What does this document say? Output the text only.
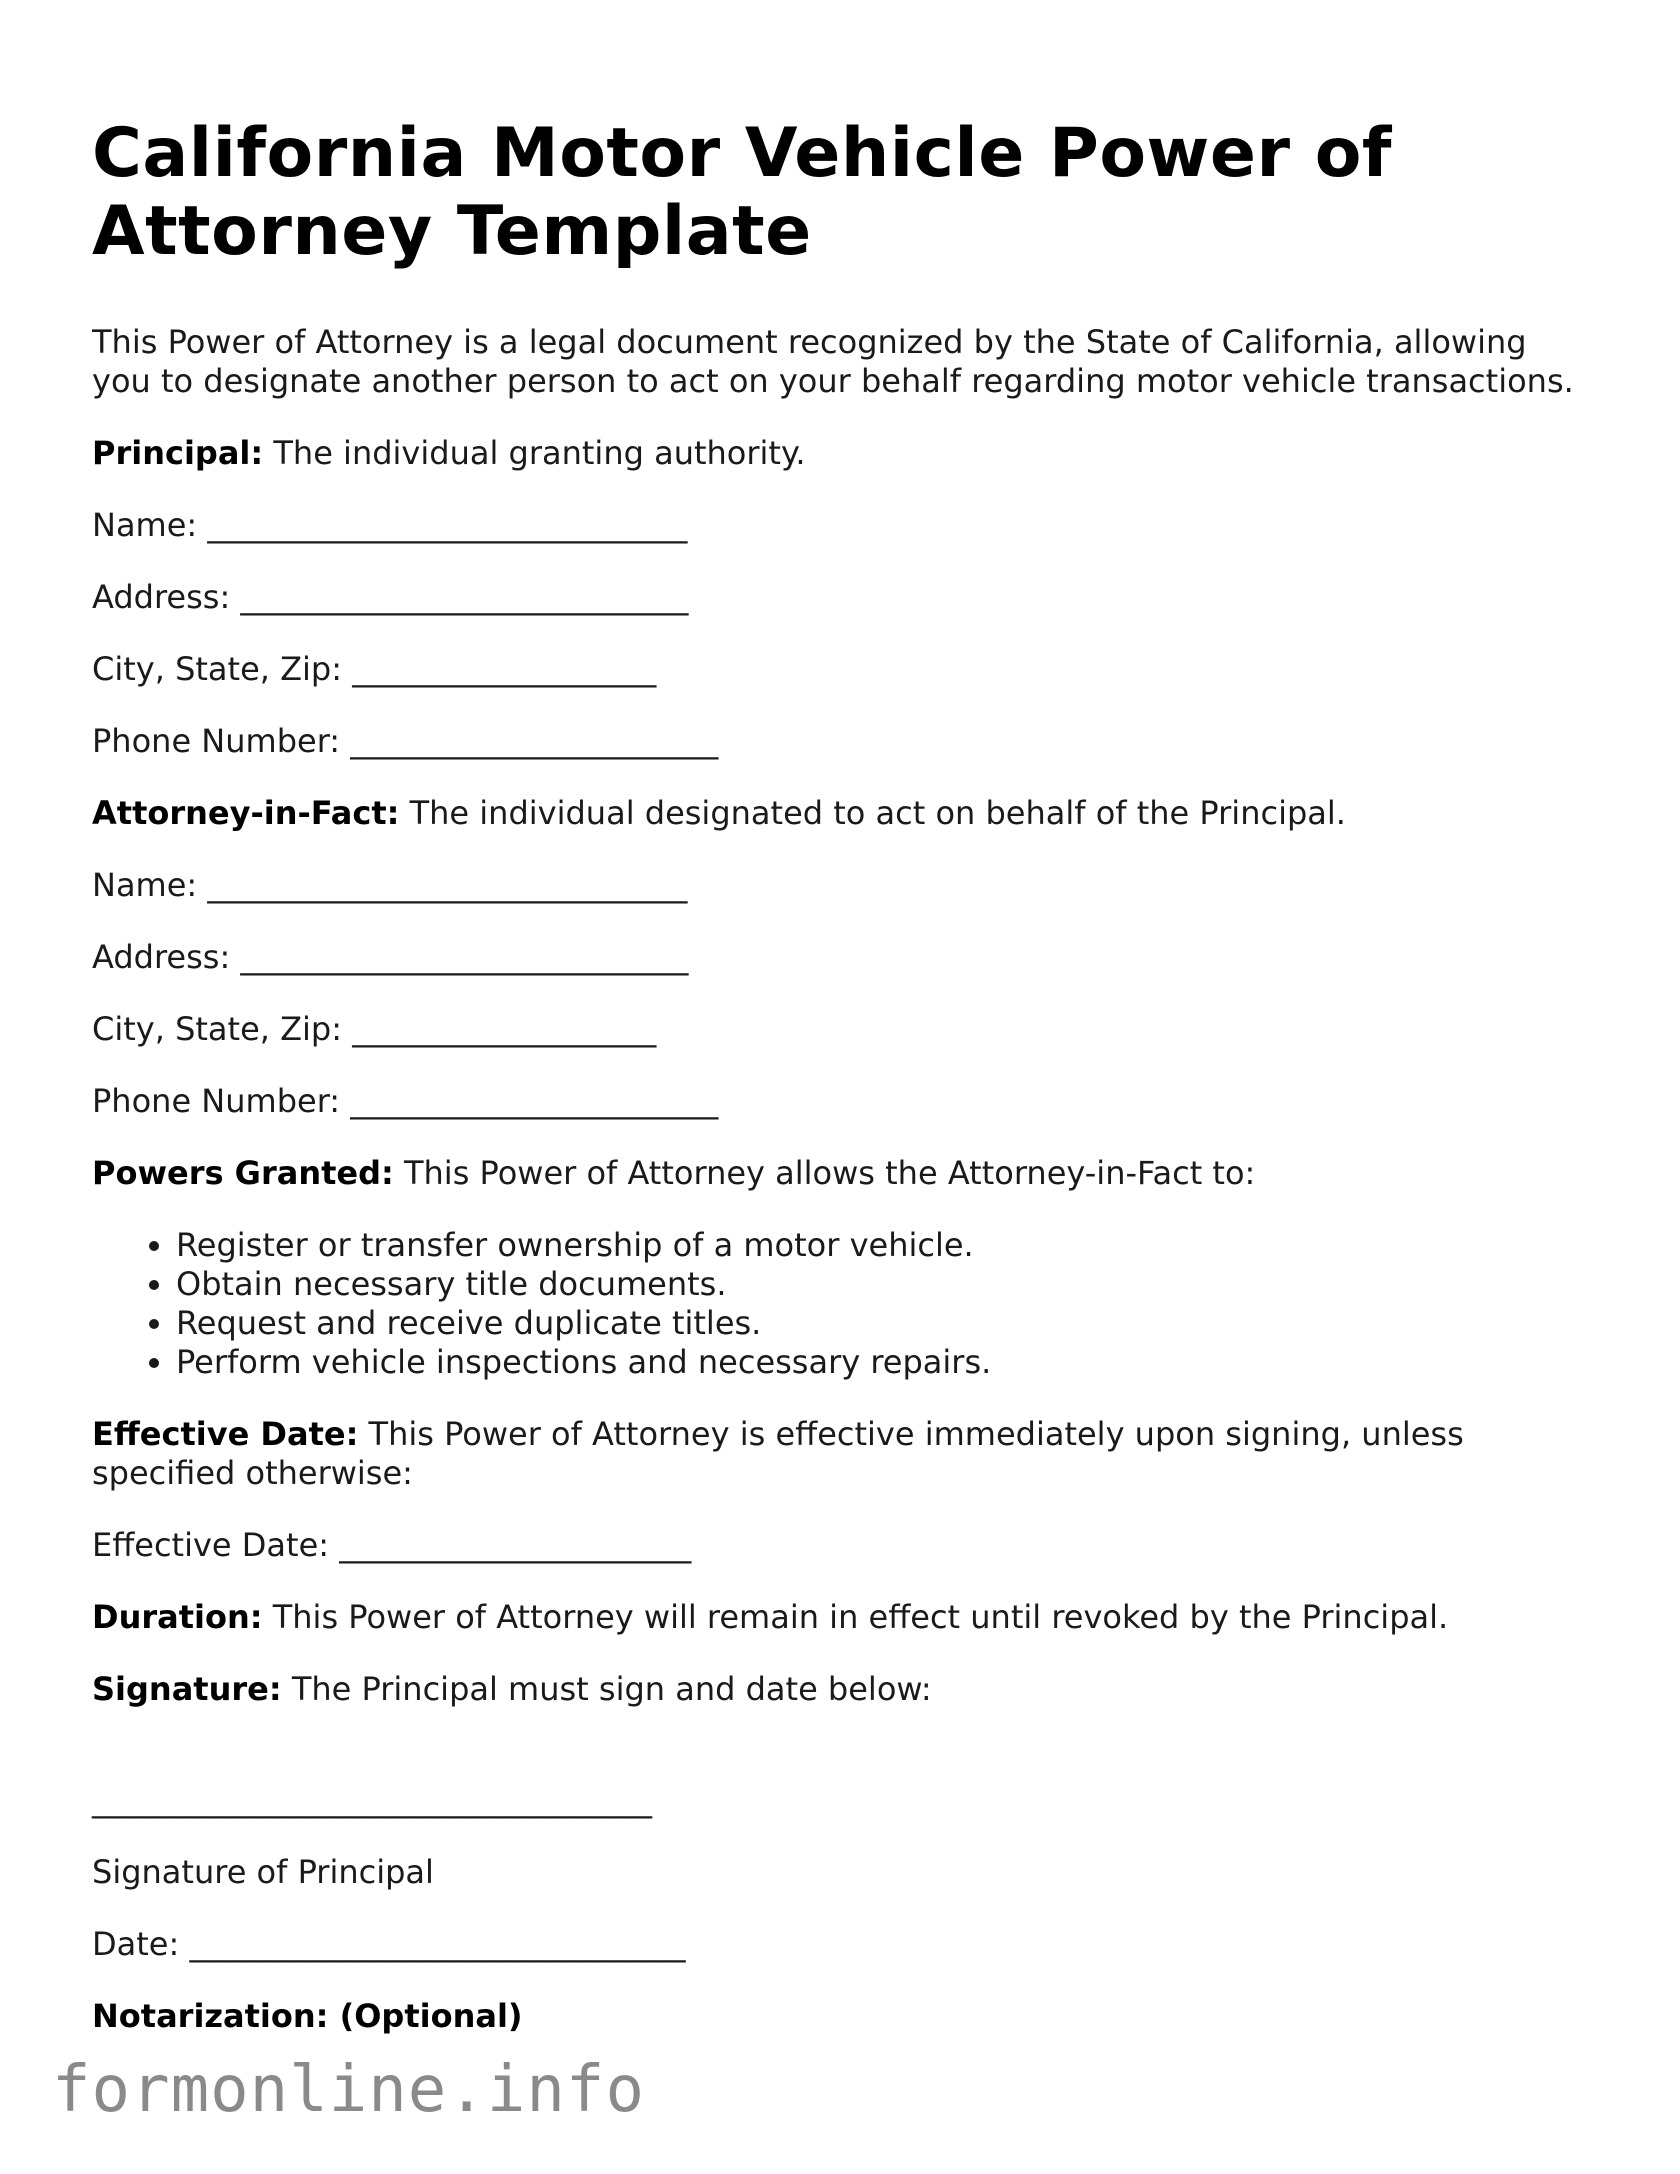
California Motor Vehicle Power of Attorney Template

This Power of Attorney is a legal document recognized by the State of California, allowing you to designate another person to act on your behalf regarding motor vehicle transactions.

Principal: The individual granting authority.

Name: ______________________________

Address: ____________________________

City, State, Zip: ___________________

Phone Number: _______________________

Attorney-in-Fact: The individual designated to act on behalf of the Principal.

Name: ______________________________

Address: ____________________________

City, State, Zip: ___________________

Phone Number: _______________________

Powers Granted: This Power of Attorney allows the Attorney-in-Fact to:

• Register or transfer ownership of a motor vehicle.
• Obtain necessary title documents.
• Request and receive duplicate titles.
• Perform vehicle inspections and necessary repairs.

Effective Date: This Power of Attorney is effective immediately upon signing, unless specified otherwise:

Effective Date: ______________________

Duration: This Power of Attorney will remain in effect until revoked by the Principal.

Signature: The Principal must sign and date below:

___________________________________

Signature of Principal

Date: _______________________________

Notarization: (Optional)

formonline.info
